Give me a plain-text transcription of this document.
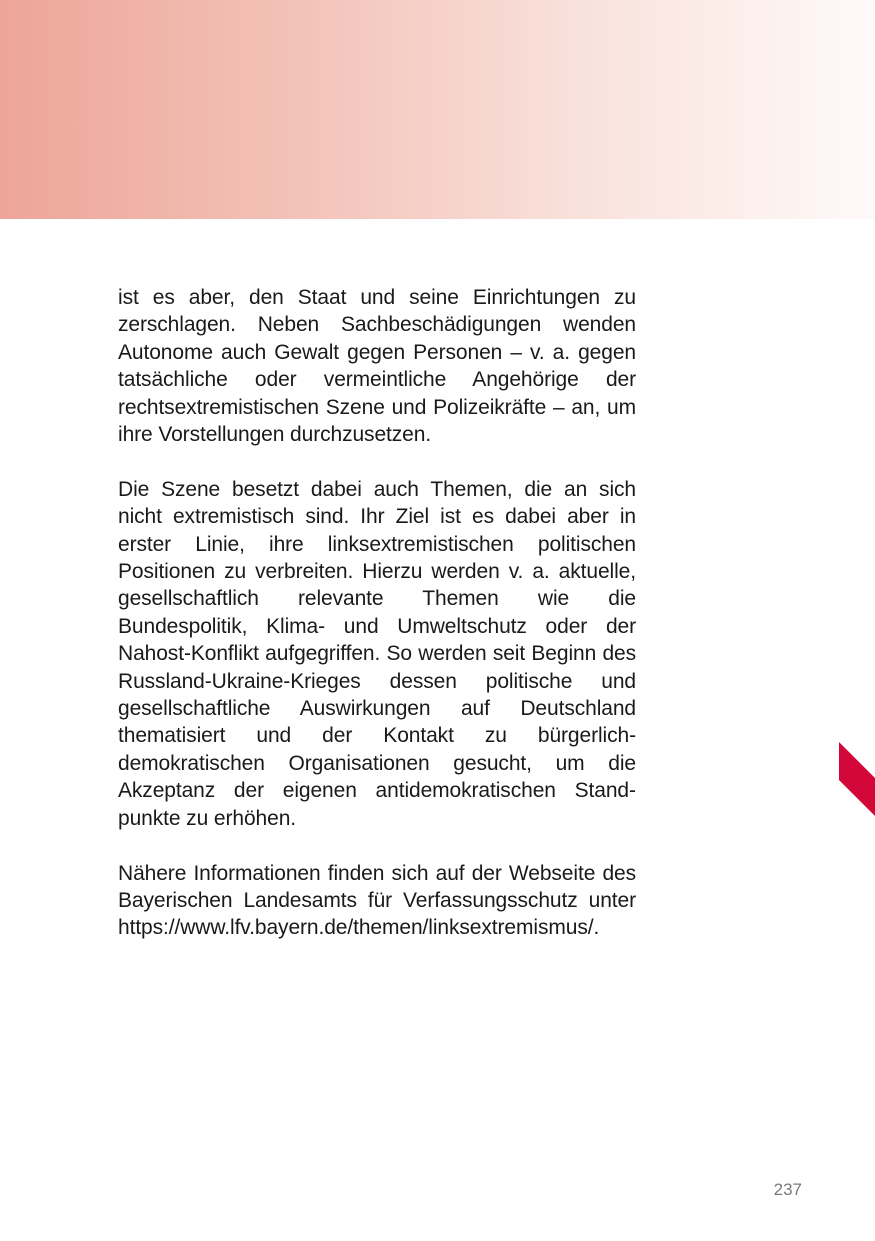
ist es aber, den Staat und seine Einrichtungen zu zerschlagen. Neben Sachbeschädigungen wenden Autonome auch Gewalt gegen Personen – v. a. gegen tatsächliche oder vermeintliche Angehörige der rechtsextremistischen Szene und Polizeikräfte – an, um ihre Vorstellungen durchzusetzen.

Die Szene besetzt dabei auch Themen, die an sich nicht extremistisch sind. Ihr Ziel ist es dabei aber in erster Linie, ihre linksextremistischen politischen Positionen zu verbreiten. Hierzu werden v. a. aktuelle, gesellschaftlich relevante Themen wie die Bundespolitik, Klima- und Umweltschutz oder der Nahost-Konflikt aufgegriffen. So werden seit Beginn des Russland-Ukraine-Krieges dessen politische und gesellschaftliche Auswirkungen auf Deutschland thematisiert und der Kontakt zu bürgerlich-demokratischen Organisationen gesucht, um die Akzeptanz der eigenen antidemokratischen Standpunkte zu erhöhen.

Nähere Informationen finden sich auf der Webseite des Bayerischen Landesamts für Verfassungsschutz unter https://www.lfv.bayern.de/themen/linksextremismus/.

237
